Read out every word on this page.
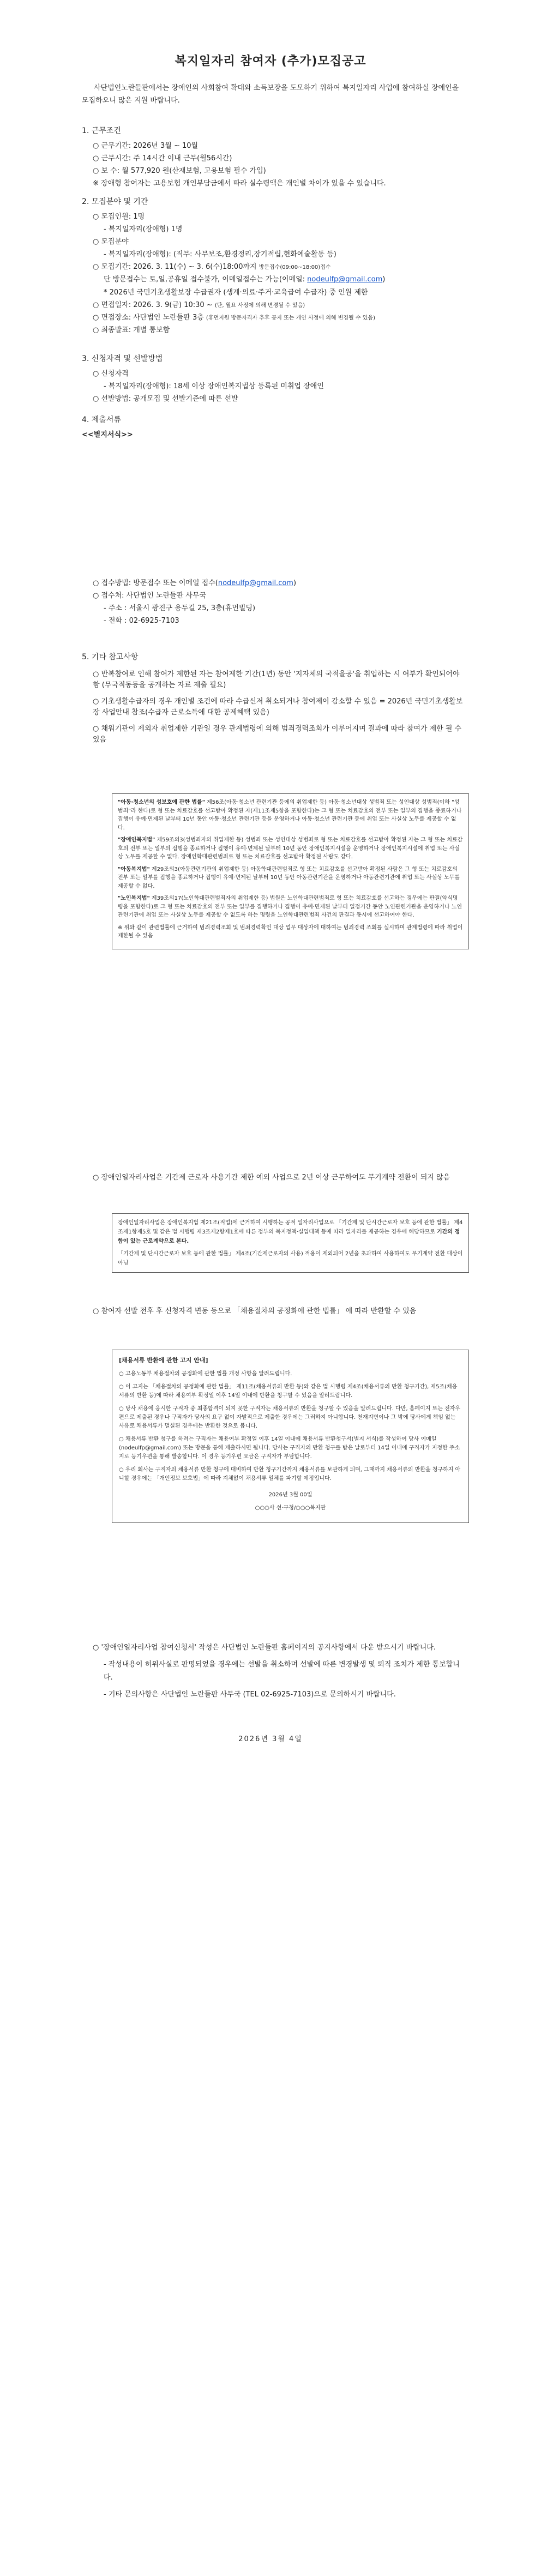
복지일자리 참여자 (추가)모집공고
사단법인노란들판에서는 장애인의 사회참여 확대와 소득보장을 도모하기 위하여 복지일자리 사업에 참여하실 장애인을 모집하오니 많은 지원 바랍니다.
1. 근무조건
○ 근무기간: 2026년 3월 ~ 10월
○ 근무시간: 주 14시간 이내 근무(월56시간)
○ 보 수: 월 577,920 원(산재보험, 고용보험 필수 가입)
※ 장애형 참여자는 고용보험 개인부담금에서 따라 실수령액은 개인별 차이가 있을 수 있습니다.
2. 모집분야 및 기간
○ 모집인원: 1명
- 복지일자리(장애형) 1명
○ 모집분야
- 복지일자리(장애형): (직무: 사무보조,환경정리,장기적립,현화예술활동 등)
○ 모집기간: 2026. 3. 11(수) ~ 3. 6(수)18:00까지 방문접수(09:00~18:00)접수
단 방문접수는 토,일,공휴일 접수불가, 이메일접수는 가능(이메일: nodeulfp@gmail.com)
* 2026년 국민기초생활보장 수급권자 (생계·의료·주거·교육급여 수급자) 중 인원 제한
○ 면접일자: 2026. 3. 9(금) 10:30 ~ (단, 월요 사정에 의해 변경될 수 있음)
○ 면접장소: 사단법인 노란들판 3층 (휴먼지원 방문자격자 추후 공지 또는 개인 사정에 의해 변경될 수 있음)
○ 최종발표: 개별 통보함
3. 신청자격 및 선발방법
○ 신청자격
- 복지일자리(장애형): 18세 이상 장애인복지법상 등록된 미취업 장애인
○ 선발방법: 공개모집 및 선발기준에 따른 선발
4. 제출서류
<<별지서식>>
○ 접수방법: 방문접수 또는 이메일 접수(nodeulfp@gmail.com)
○ 접수처: 사단법인 노란들판 사무국
- 주소 : 서울시 광진구 용두길 25, 3층(휴먼빌딩)
- 전화 : 02-6925-7103
5. 기타 참고사항
○ 반복참여로 인해 참여가 제한된 자는 참여제한 기간(1년) 동안 '지자체의 국적을공'을 취업하는 시 여부가 확인되어야 함 (무국적동등을 공개하는 자료 제출 필요)
○ 기초생활수급자의 경우 개인별 조건에 따라 수급신저 취소되거나 참여제이 감소할 수 있음 = 2026년 국민기초생활보장 사업안내 참조(수급자 근로소득에 대한 공제혜택 있음)
○ 채워기관이 제외자 취업제한 기관일 경우 관계법령에 의해 범죄경력조회가 이루어지며 결과에 따라 참여가 제한 될 수 있음

"아동·청소년의 성보호에 관한 법률" 제56조(아동·청소년 관련기관 등에의 취업제한 등) 아동·청소년대상 성범죄 또는 성인대상 성범죄(이하 "성범죄"라 한다)로 형 또는 치료감호를 선고받아 확정된 자(제11조제5항을 포함한다)는 그 형 또는 치료감호의 전부 또는 일부의 집행을 종료하거나 집행이 유예·면제된 날부터 10년 동안 아동·청소년 관련기관 등을 운영하거나 아동·청소년 관련기관 등에 취업 또는 사실상 노무를 제공할 수 없다.

"장애인복지법" 제59조의3(성범죄자의 취업제한 등) 성범죄 또는 성인대상 성범죄로 형 또는 치료감호를 선고받아 확정된 자는 그 형 또는 치료감호의 전부 또는 일부의 집행을 종료하거나 집행이 유예·면제된 날부터 10년 동안 장애인복지시설을 운영하거나 장애인복지시설에 취업 또는 사실상 노무를 제공할 수 없다. 장애인학대관련범죄로 형 또는 치료감호를 선고받아 확정된 사람도 같다.

"아동복지법" 제29조의3(아동관련기관의 취업제한 등) 아동학대관련범죄로 형 또는 치료감호를 선고받아 확정된 사람은 그 형 또는 치료감호의 전부 또는 일부를 집행을 종료하거나 집행이 유예·면제된 날부터 10년 동안 아동관련기관을 운영하거나 아동관련기관에 취업 또는 사실상 노무를 제공할 수 없다.

"노인복지법" 제39조의17(노인학대관련범죄자의 취업제한 등) 법원은 노인학대관련범죄로 형 또는 치료감호를 선고하는 경우에는 판결(약식명령을 포함한다)로 그 형 또는 치료감호의 전부 또는 일부를 집행하거나 집행이 유예·면제된 날부터 일정기간 동안 노인관련기관을 운영하거나 노인관련기관에 취업 또는 사실상 노무를 제공할 수 없도록 하는 명령을 노인학대관련범죄 사건의 판결과 동시에 선고하여야 한다.

※ 위와 같이 관련법률에 근거하여 범죄경력조회 및 범죄경력확인 대상 업무 대상자에 대하여는 범죄경력 조회를 실시하며 관계법령에 따라 취업이 제한될 수 있음

○ 장애인일자리사업은 기간제 근로자 사용기간 제한 예외 사업으로 2년 이상 근무하여도 무기계약 전환이 되지 않음

장애인일자리사업은 장애인복지법 제21조(직업)에 근거하여 시행하는 공적 일자리사업으로 「기간제 및 단시간근로자 보호 등에 관한 법률」 제4조제1항제5호 및 같은 법 시행령 제3조제2항제1호에 따른 정부의 복지정책·실업대책 등에 따라 일자리를 제공하는 경우에 해당하므로 기간의 정함이 있는 근로계약으로 본다.

「기간제 및 단시간근로자 보호 등에 관한 법률」 제4조(기간제근로자의 사용) 적용이 제외되어 2년을 초과하여 사용하여도 무기계약 전환 대상이 아님

○ 참여자 선발 전후 후 신청자격 변동 등으로 「채용절차의 공정화에 관한 법률」 에 따라 반환할 수 있음

[채용서류 반환에 관한 고지 안내]

○ 고용노동부 채용절차의 공정화에 관한 법률 개정 사항을 알려드립니다.

○ 이 고지는 「채용절차의 공정화에 관한 법률」 제11조(채용서류의 반환 등)와 같은 법 시행령 제4조(채용서류의 반환 청구기간), 제5조(채용서류의 반환 등)에 따라 채용여부 확정일 이후 14일 이내에 반환을 청구할 수 있음을 알려드립니다.

○ 당사 채용에 응시한 구직자 중 최종합격이 되지 못한 구직자는 채용서류의 반환을 청구할 수 있음을 알려드립니다. 다만, 홈페이지 또는 전자우편으로 제출된 경우나 구직자가 당사의 요구 없이 자발적으로 제출한 경우에는 그러하지 아니합니다. 천재지변이나 그 밖에 당사에게 책임 없는 사유로 채용서류가 멸실된 경우에는 반환한 것으로 봅니다.

○ 채용서류 반환 청구를 하려는 구직자는 채용여부 확정일 이후 14일 이내에 채용서류 반환청구서(별지 서식)를 작성하여 당사 이메일(nodeulfp@gmail.com) 또는 방문을 통해 제출하시면 됩니다. 당사는 구직자의 반환 청구를 받은 날로부터 14일 이내에 구직자가 지정한 주소지로 등기우편을 통해 발송합니다. 이 경우 등기우편 요금은 구직자가 부담합니다.

○ 우리 회사는 구직자의 채용서류 반환 청구에 대비하여 반환 청구기간까지 채용서류를 보관하게 되며, 그때까지 채용서류의 반환을 청구하지 아니할 경우에는 「개인정보 보호법」에 따라 지체없이 채용서류 일체를 파기할 예정입니다.

2026년 3월 00일

○○○사 선·구청/○○○복지관

○ '장애인일자리사업 참여신청서' 작성은 사단법인 노란들판 홈페이지의 공지사항에서 다운 받으시기 바랍니다.
- 작성내용이 허위사실로 판명되었을 경우에는 선발을 취소하며 선발에 따른 변경발생 및 퇴직 조치가 제한 통보합니다.
- 기타 문의사항은 사단법인 노란들판 사무국 (TEL 02-6925-7103)으로 문의하시기 바랍니다.
2026년 3월 4일
